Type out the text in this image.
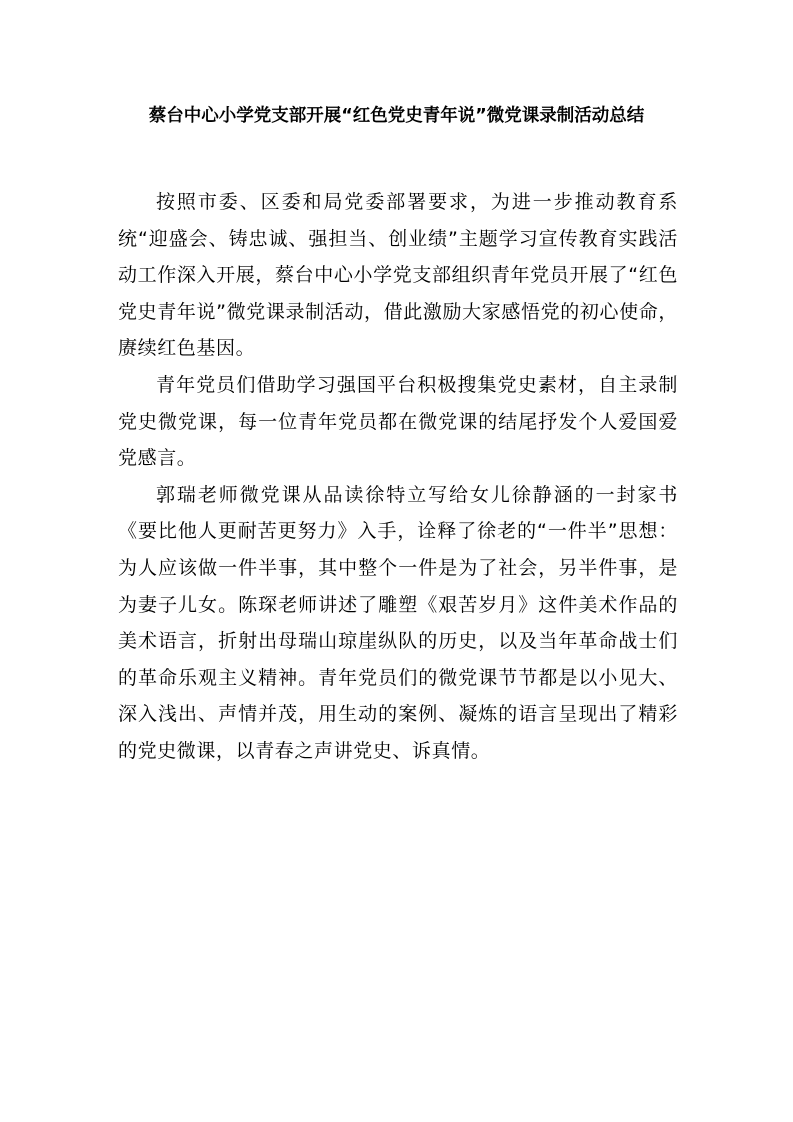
蔡台中心小学党支部开展“红色党史青年说”微党课录制活动总结

按照市委、区委和局党委部署要求，为进一步推动教育系统“迎盛会、铸忠诚、强担当、创业绩”主题学习宣传教育实践活动工作深入开展，蔡台中心小学党支部组织青年党员开展了“红色党史青年说”微党课录制活动，借此激励大家感悟党的初心使命，赓续红色基因。

青年党员们借助学习强国平台积极搜集党史素材，自主录制党史微党课，每一位青年党员都在微党课的结尾抒发个人爱国爱党感言。

郭瑞老师微党课从品读徐特立写给女儿徐静涵的一封家书《要比他人更耐苦更努力》入手，诠释了徐老的“一件半”思想：为人应该做一件半事，其中整个一件是为了社会，另半件事，是为妻子儿女。陈琛老师讲述了雕塑《艰苦岁月》这件美术作品的美术语言，折射出母瑞山琼崖纵队的历史，以及当年革命战士们的革命乐观主义精神。青年党员们的微党课节节都是以小见大、深入浅出、声情并茂，用生动的案例、凝炼的语言呈现出了精彩的党史微课，以青春之声讲党史、诉真情。
